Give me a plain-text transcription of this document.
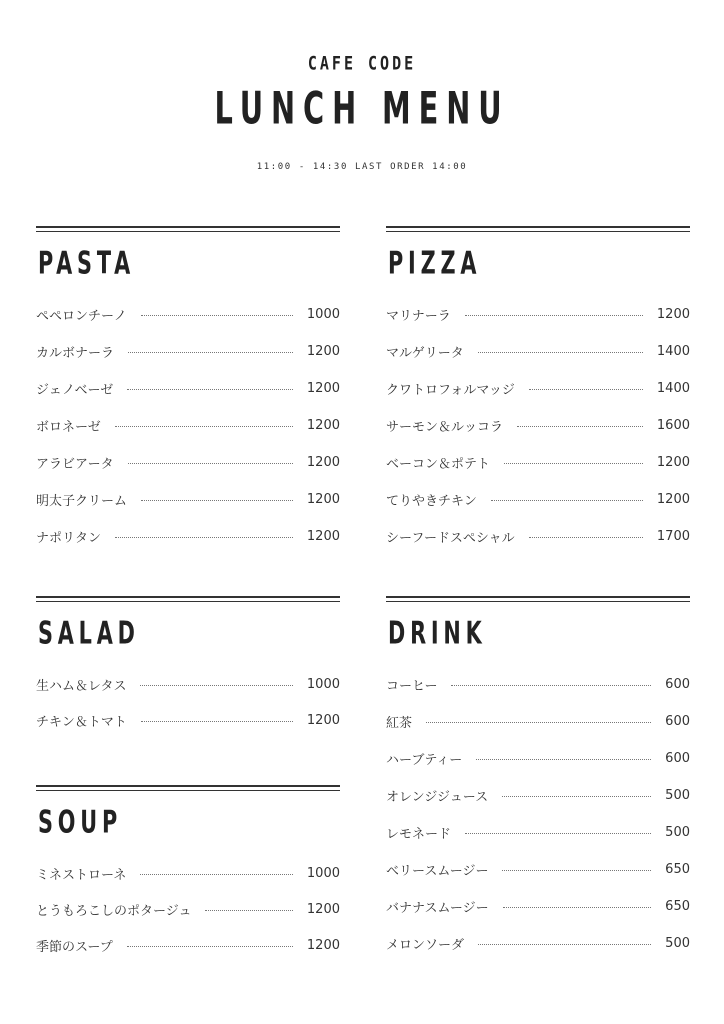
CAFE CODE
LUNCH MENU
11:00 - 14:30 LAST ORDER 14:00
PASTA
ペペロンチーノ	1000
カルボナーラ	1200
ジェノベーゼ	1200
ボロネーゼ	1200
アラビアータ	1200
明太子クリーム	1200
ナポリタン	1200
PIZZA
マリナーラ	1200
マルゲリータ	1400
クワトロフォルマッジ	1400
サーモン＆ルッコラ	1600
ベーコン＆ポテト	1200
てりやきチキン	1200
シーフードスペシャル	1700
SALAD
生ハム＆レタス	1000
チキン＆トマト	1200
SOUP
ミネストローネ	1000
とうもろこしのポタージュ	1200
季節のスープ	1200
DRINK
コーヒー	600
紅茶	600
ハーブティー	600
オレンジジュース	500
レモネード	500
ベリースムージー	650
バナナスムージー	650
メロンソーダ	500
